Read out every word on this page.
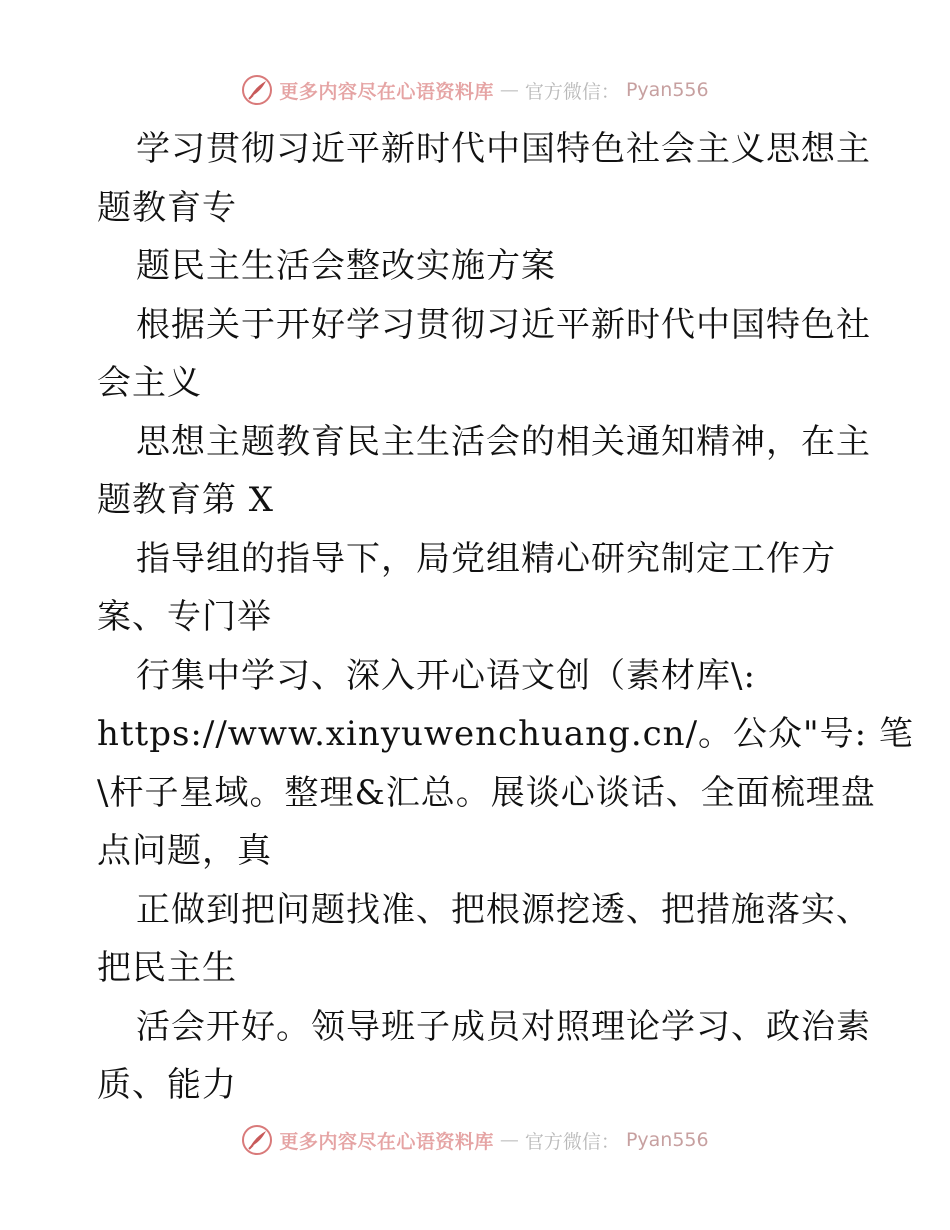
更多内容尽在心语资料库 — 官方微信： Pyan556
学习贯彻习近平新时代中国特色社会主义思想主
题教育专
题民主生活会整改实施方案
根据关于开好学习贯彻习近平新时代中国特色社
会主义
思想主题教育民主生活会的相关通知精神，在主
题教育第 X
指导组的指导下，局党组精心研究制定工作方
案、专门举
行集中学习、深入开心语文创（素材库\:
https://www.xinyuwenchuang.cn/。公众"号: 笔
\杆子星域。整理&汇总。展谈心谈话、全面梳理盘
点问题，真
正做到把问题找准、把根源挖透、把措施落实、
把民主生
活会开好。领导班子成员对照理论学习、政治素
质、能力
更多内容尽在心语资料库 — 官方微信： Pyan556
